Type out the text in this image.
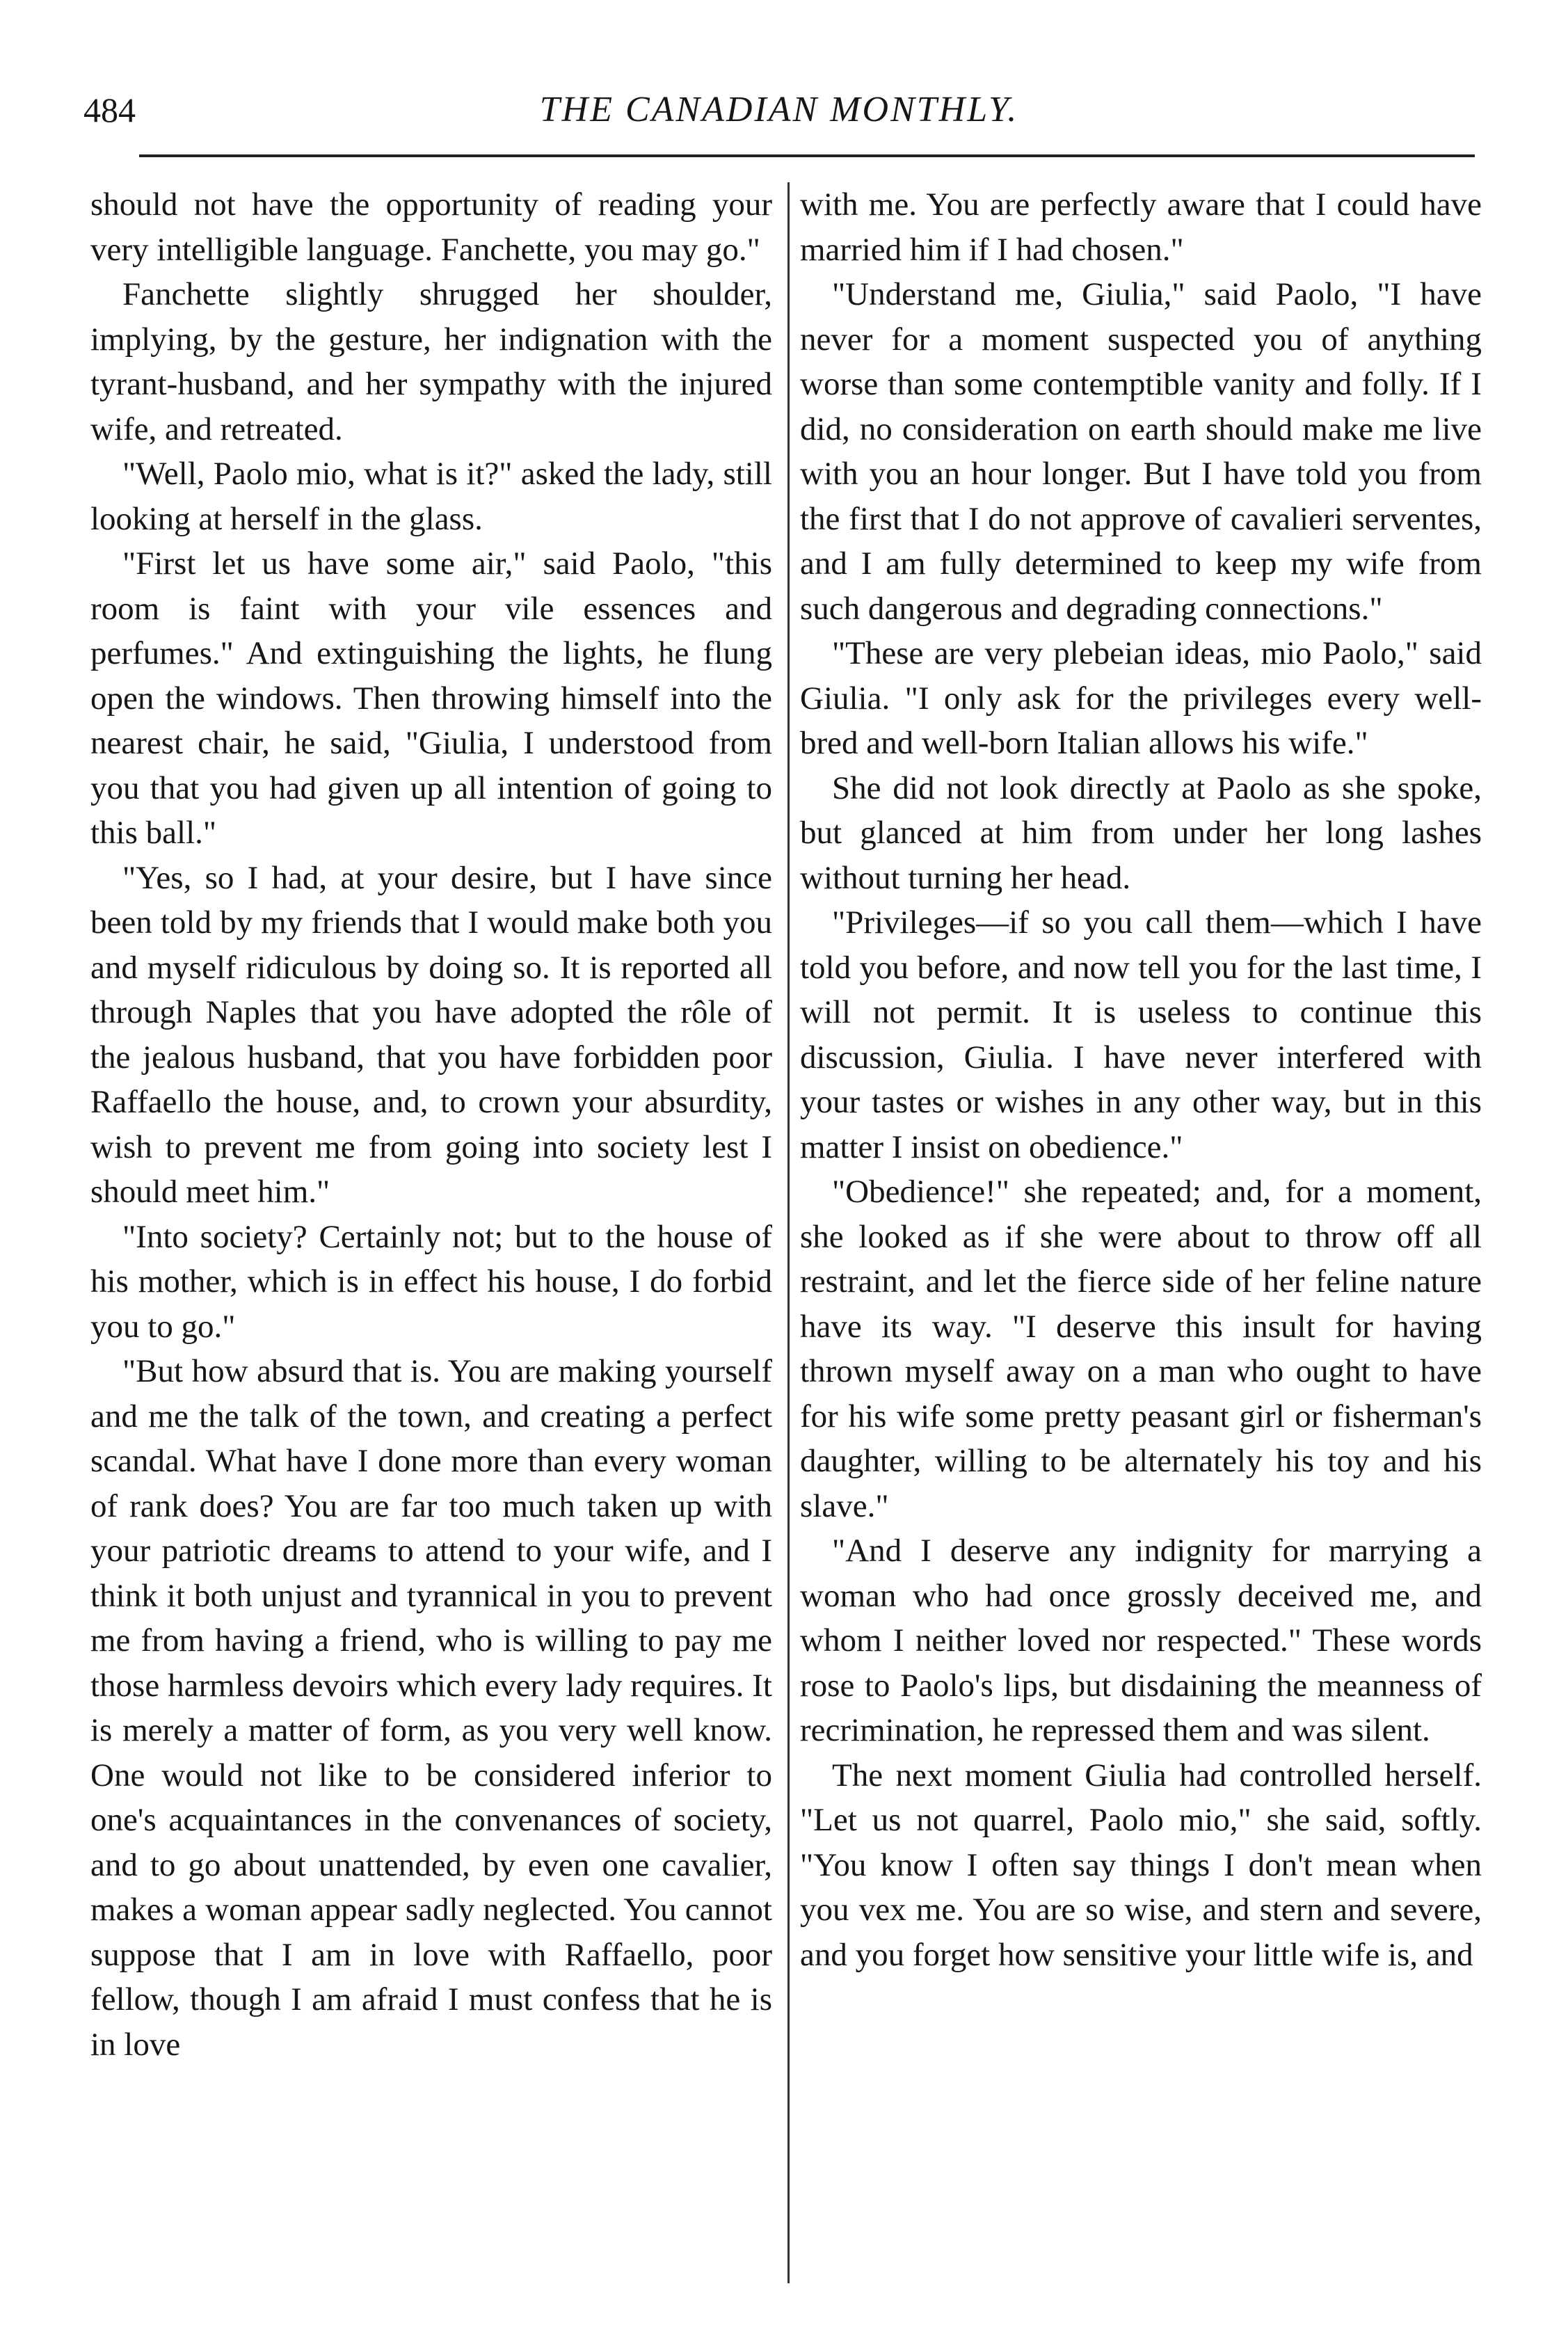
484	THE CANADIAN MONTHLY.

should not have the opportunity of reading your very intelligible language. Fanchette, you may go."

Fanchette slightly shrugged her shoulder, implying, by the gesture, her indignation with the tyrant-husband, and her sympathy with the injured wife, and retreated.

"Well, Paolo mio, what is it?" asked the lady, still looking at herself in the glass.

"First let us have some air," said Paolo, "this room is faint with your vile essences and perfumes." And extinguishing the lights, he flung open the windows. Then throwing himself into the nearest chair, he said, "Giulia, I understood from you that you had given up all intention of going to this ball."

"Yes, so I had, at your desire, but I have since been told by my friends that I would make both you and myself ridiculous by doing so. It is reported all through Naples that you have adopted the rôle of the jealous husband, that you have forbidden poor Raffaello the house, and, to crown your absurdity, wish to prevent me from going into society lest I should meet him."

"Into society? Certainly not; but to the house of his mother, which is in effect his house, I do forbid you to go."

"But how absurd that is. You are making yourself and me the talk of the town, and creating a perfect scandal. What have I done more than every woman of rank does? You are far too much taken up with your patriotic dreams to attend to your wife, and I think it both unjust and tyrannical in you to prevent me from having a friend, who is willing to pay me those harmless devoirs which every lady requires. It is merely a matter of form, as you very well know. One would not like to be considered inferior to one's acquaintances in the convenances of society, and to go about unattended, by even one cavalier, makes a woman appear sadly neglected. You cannot suppose that I am in love with Raffaello, poor fellow, though I am afraid I must confess that he is in love

with me. You are perfectly aware that I could have married him if I had chosen."

"Understand me, Giulia," said Paolo, "I have never for a moment suspected you of anything worse than some contemptible vanity and folly. If I did, no consideration on earth should make me live with you an hour longer. But I have told you from the first that I do not approve of cavalieri serventes, and I am fully determined to keep my wife from such dangerous and degrading connections."

"These are very plebeian ideas, mio Paolo," said Giulia. "I only ask for the privileges every well-bred and well-born Italian allows his wife."

She did not look directly at Paolo as she spoke, but glanced at him from under her long lashes without turning her head.

"Privileges—if so you call them—which I have told you before, and now tell you for the last time, I will not permit. It is useless to continue this discussion, Giulia. I have never interfered with your tastes or wishes in any other way, but in this matter I insist on obedience."

"Obedience!" she repeated; and, for a moment, she looked as if she were about to throw off all restraint, and let the fierce side of her feline nature have its way. "I deserve this insult for having thrown myself away on a man who ought to have for his wife some pretty peasant girl or fisherman's daughter, willing to be alternately his toy and his slave."

"And I deserve any indignity for marrying a woman who had once grossly deceived me, and whom I neither loved nor respected." These words rose to Paolo's lips, but disdaining the meanness of recrimination, he repressed them and was silent.

The next moment Giulia had controlled herself. "Let us not quarrel, Paolo mio," she said, softly. "You know I often say things I don't mean when you vex me. You are so wise, and stern and severe, and you forget how sensitive your little wife is, and
